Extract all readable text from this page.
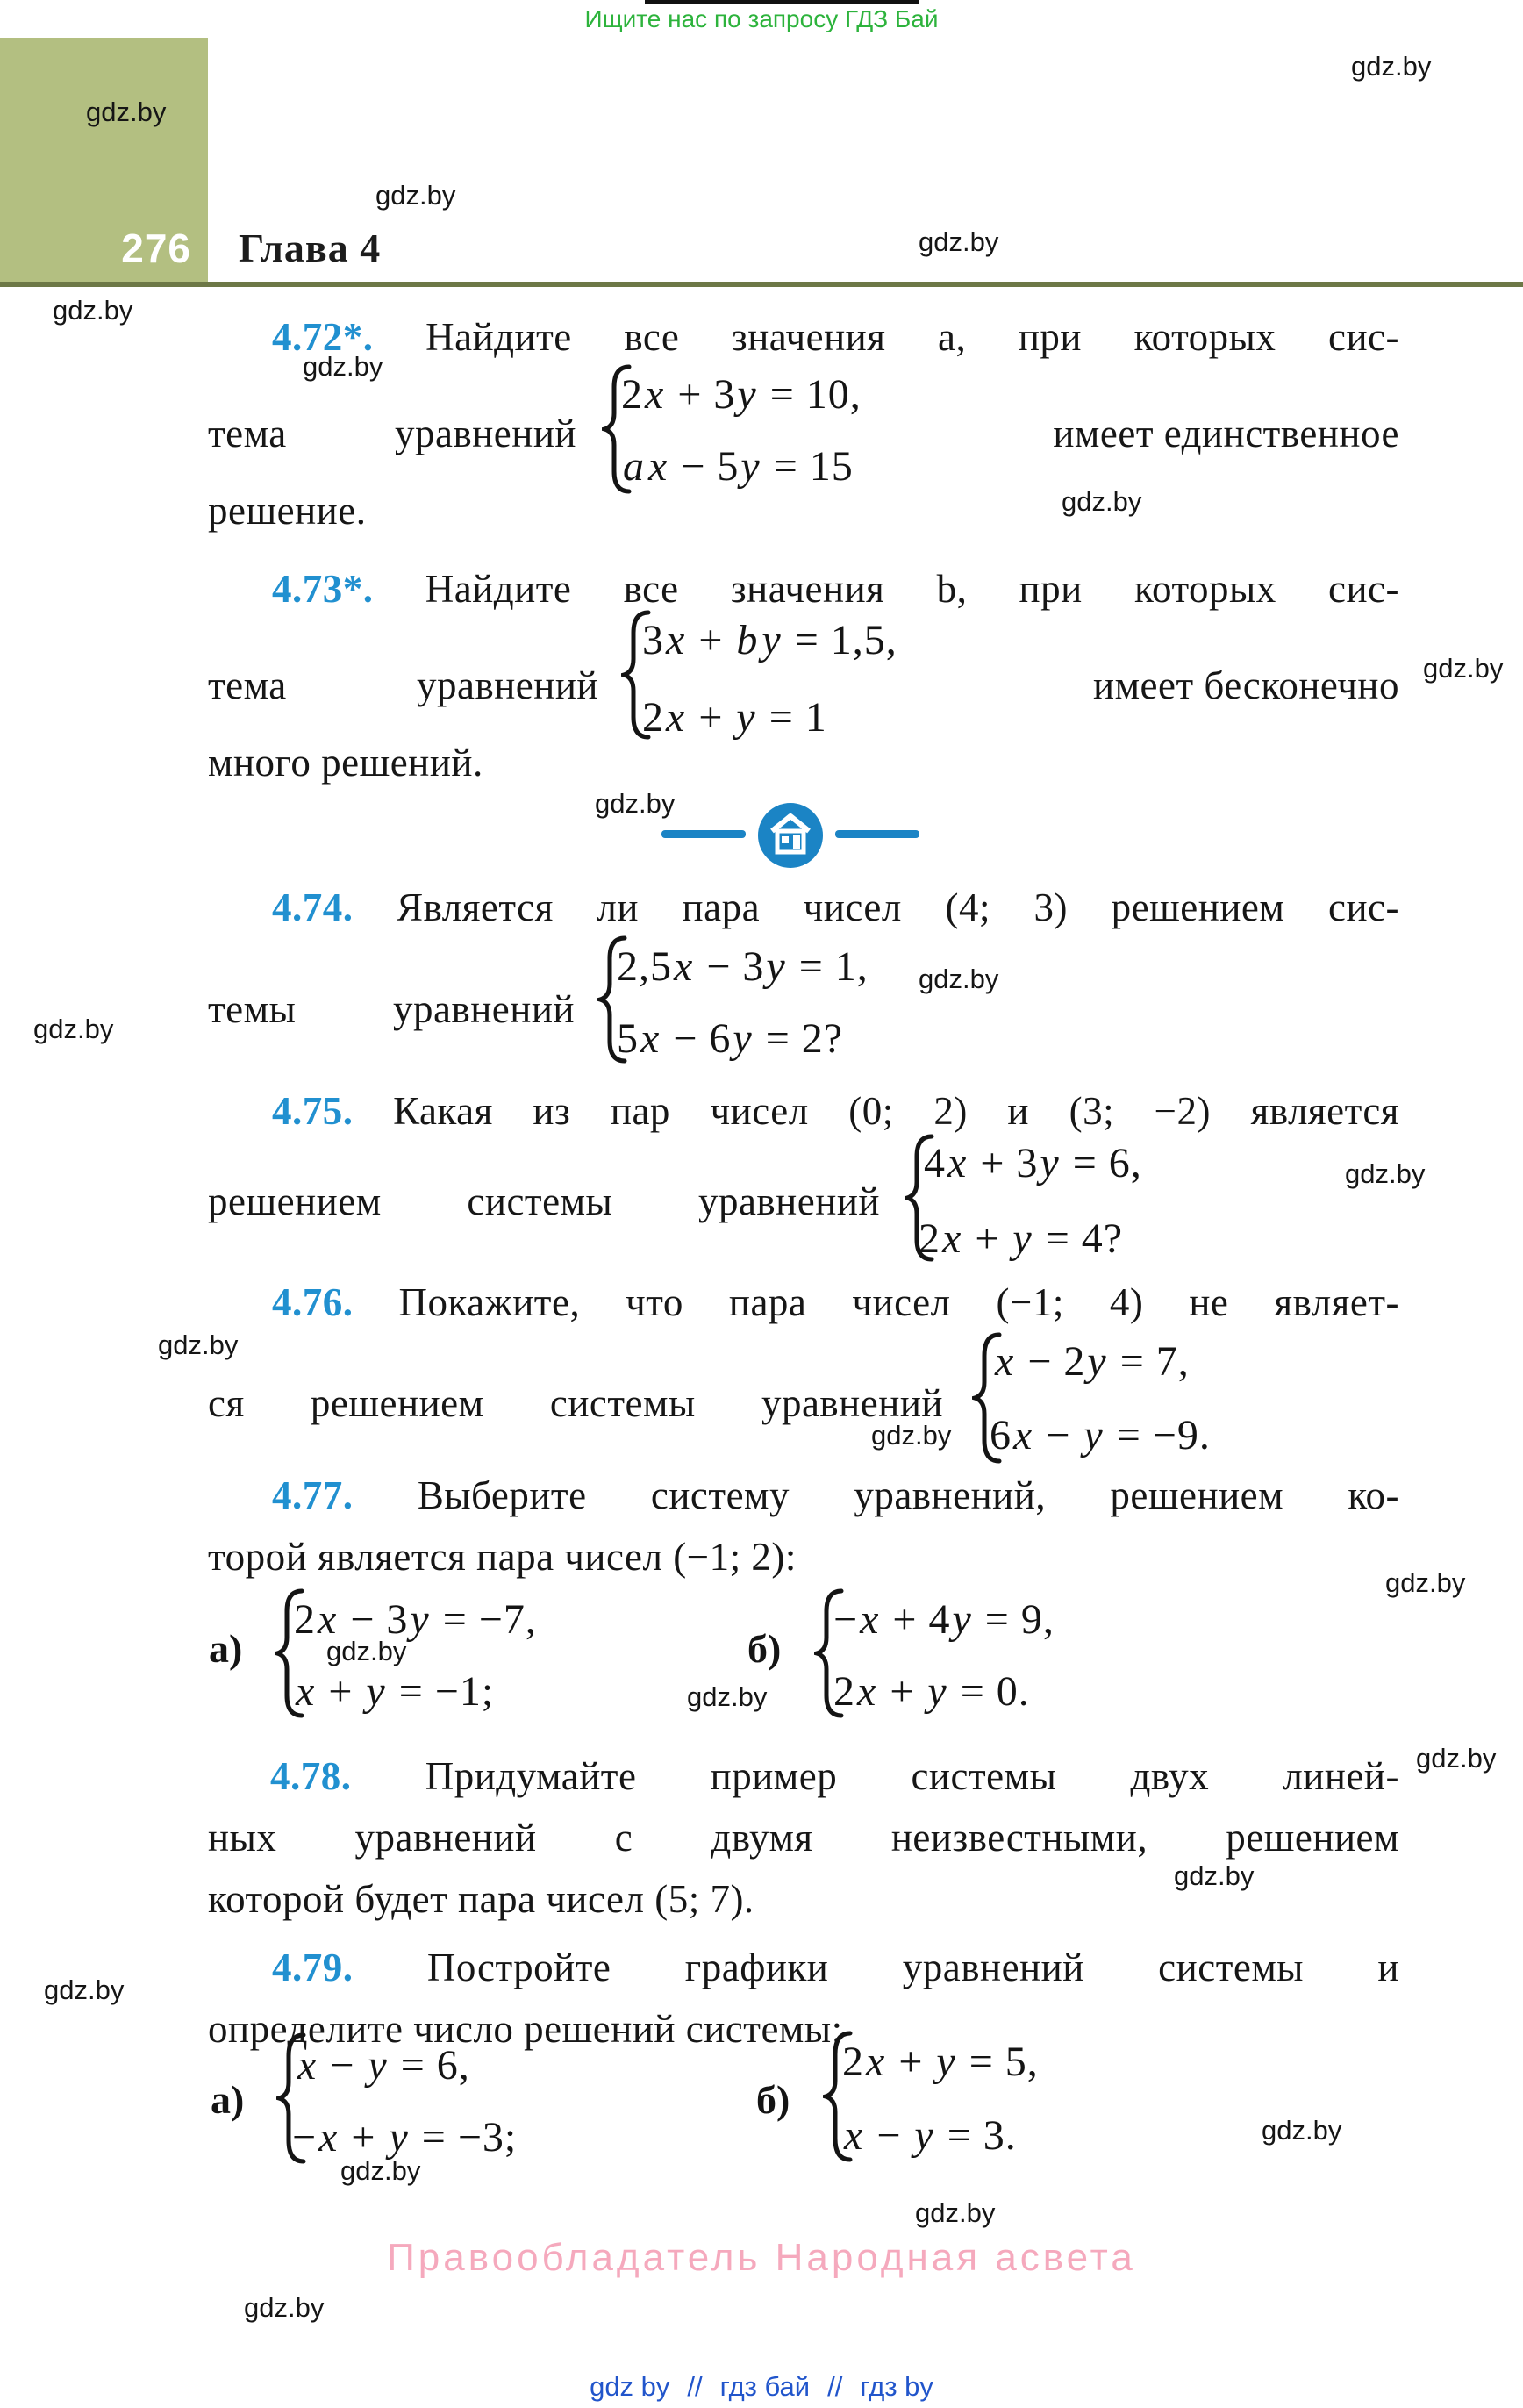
Ищите нас по запросу ГДЗ Бай
276 Глава 4
gdz.by
gdz.by
gdz.by
gdz.by
gdz.by
gdz.by
gdz.by
gdz.by
gdz.by
gdz.by
gdz.by
gdz.by
gdz.by
gdz.by
gdz.by
gdz.by
gdz.by
gdz.by
gdz.by
gdz.by
gdz.by
gdz.by
gdz.by
gdz.by
4.72*. Найдите все значения a, при которых сис-
2x + 3y = 10,
ax − 5y = 15
тема уравнений	имеет единственное
решение.
4.73*. Найдите все значения b, при которых сис-
3x + by = 1,5,
2x + y = 1
тема уравнений	имеет бесконечно
много решений.
4.74. Является ли пара чисел (4; 3) решением сис-
2,5x − 3y = 1,
5x − 6y = 2?
темы уравнений
4.75. Какая из пар чисел (0; 2) и (3; −2) является
решением системы уравнений
4x + 3y = 6,
2x + y = 4?
4.76. Покажите, что пара чисел (−1; 4) не являет-
ся решением системы уравнений
x − 2y = 7,
6x − y = −9.
4.77. Выберите систему уравнений, решением ко-
торой является пара чисел (−1; 2):
а)
2x − 3y = −7,
x + y = −1;
б)
−x + 4y = 9,
2x + y = 0.
4.78. Придумайте пример системы двух линей-
ных уравнений с двумя неизвестными, решением
которой будет пара чисел (5; 7).
4.79. Постройте графики уравнений системы и
определите число решений системы:
а)
x − y = 6,
−x + y = −3;
б)
2x + y = 5,
x − y = 3.
Правообладатель Народная асвета
gdz by // гдз бай // гдз by
